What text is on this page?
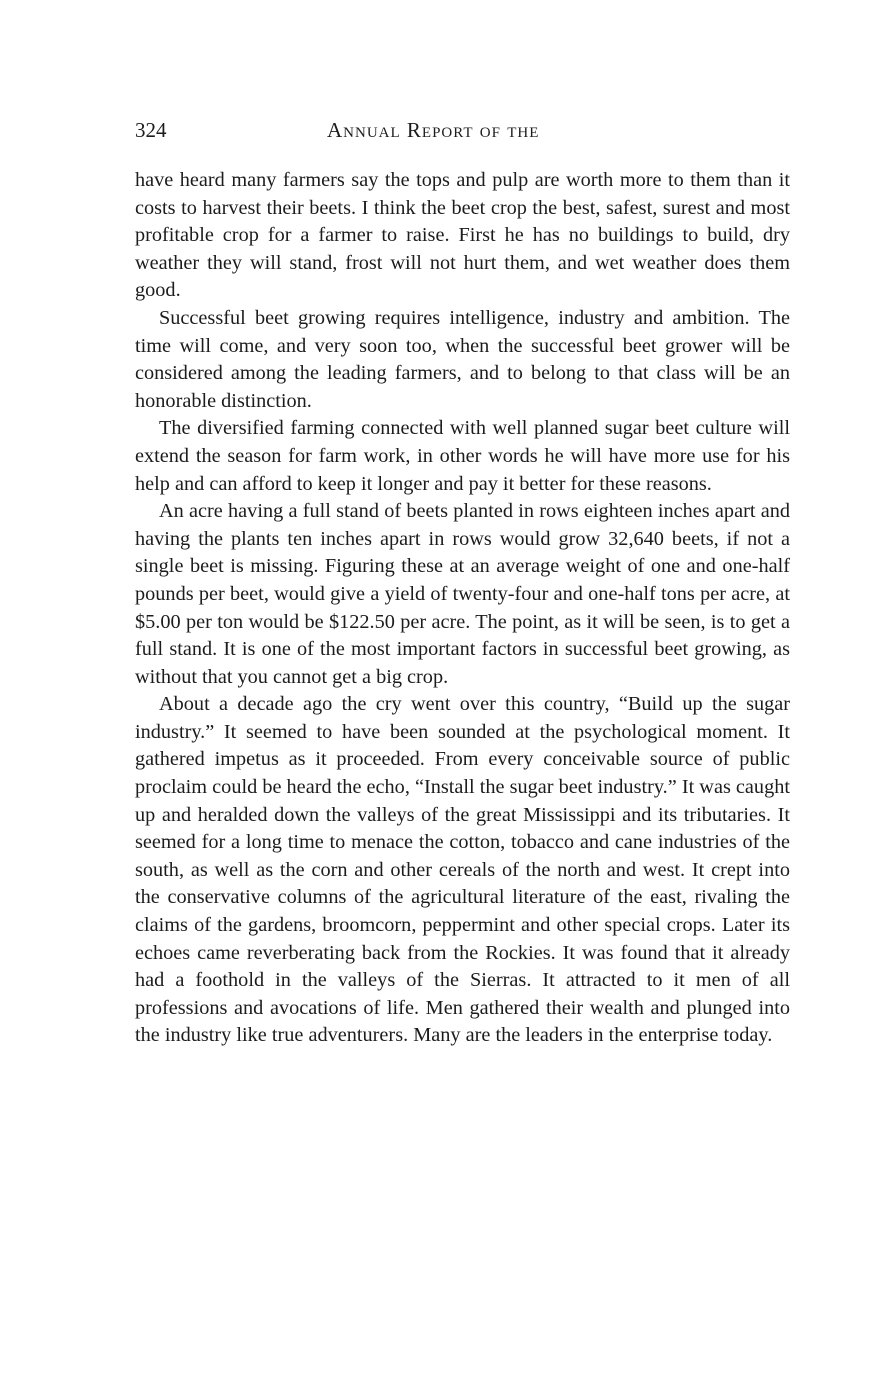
324	Annual Report of the

have heard many farmers say the tops and pulp are worth more to them than it costs to harvest their beets. I think the beet crop the best, safest, surest and most profitable crop for a farmer to raise. First he has no buildings to build, dry weather they will stand, frost will not hurt them, and wet weather does them good.

Successful beet growing requires intelligence, industry and ambition. The time will come, and very soon too, when the successful beet grower will be considered among the leading farmers, and to belong to that class will be an honorable distinction.

The diversified farming connected with well planned sugar beet culture will extend the season for farm work, in other words he will have more use for his help and can afford to keep it longer and pay it better for these reasons.

An acre having a full stand of beets planted in rows eighteen inches apart and having the plants ten inches apart in rows would grow 32,640 beets, if not a single beet is missing. Figuring these at an average weight of one and one-half pounds per beet, would give a yield of twenty-four and one-half tons per acre, at $5.00 per ton would be $122.50 per acre. The point, as it will be seen, is to get a full stand. It is one of the most important factors in successful beet growing, as without that you cannot get a big crop.

About a decade ago the cry went over this country, “Build up the sugar industry.” It seemed to have been sounded at the psychological moment. It gathered impetus as it proceeded. From every conceivable source of public proclaim could be heard the echo, “Install the sugar beet industry.” It was caught up and heralded down the valleys of the great Mississippi and its tributaries. It seemed for a long time to menace the cotton, tobacco and cane industries of the south, as well as the corn and other cereals of the north and west. It crept into the conservative columns of the agricultural literature of the east, rivaling the claims of the gardens, broomcorn, peppermint and other special crops. Later its echoes came reverberating back from the Rockies. It was found that it already had a foothold in the valleys of the Sierras. It attracted to it men of all professions and avocations of life. Men gathered their wealth and plunged into the industry like true adventurers. Many are the leaders in the enterprise today.
